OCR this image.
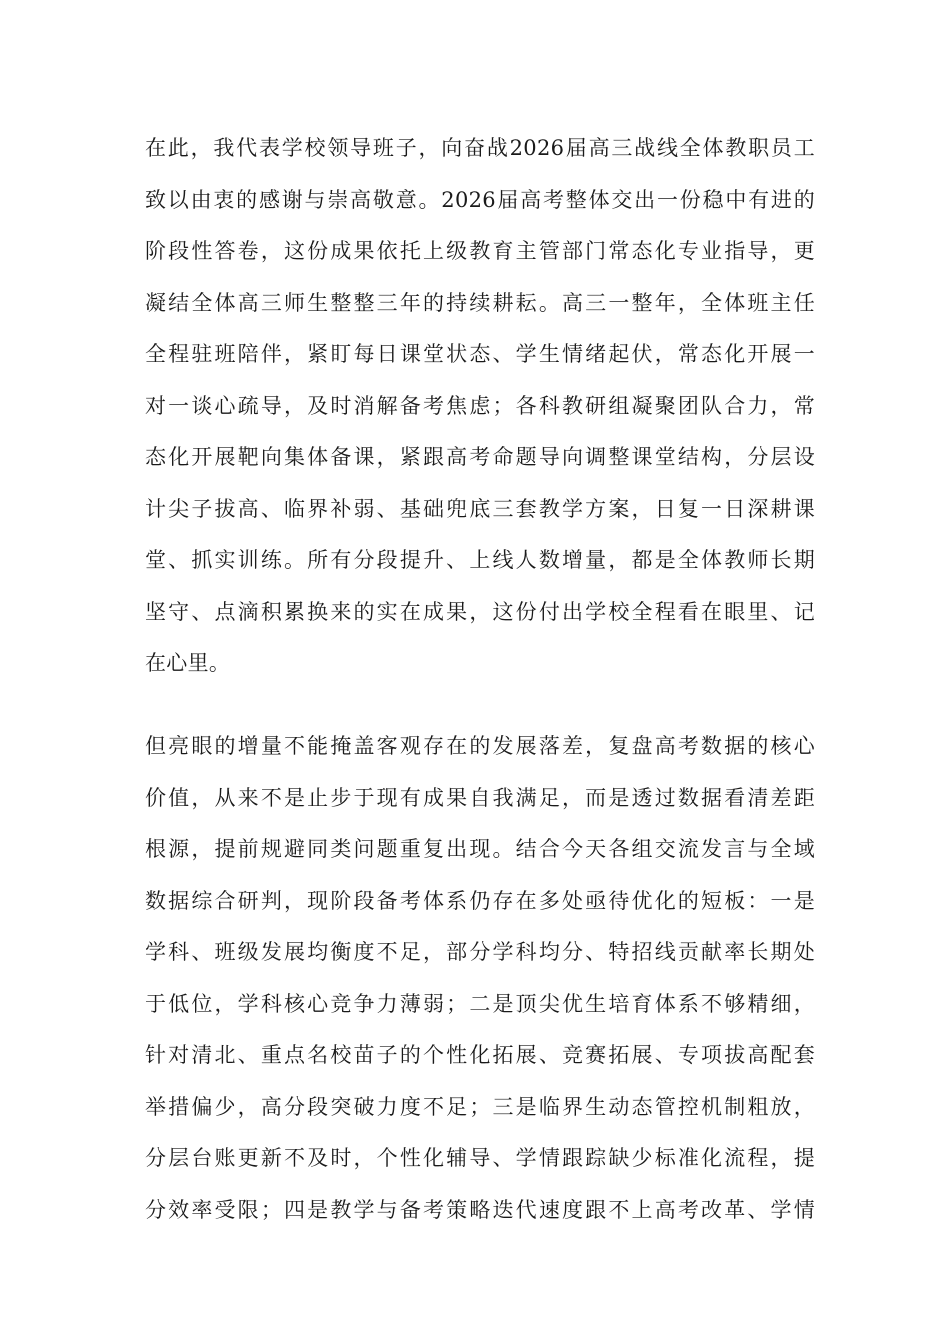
在此，我代表学校领导班子，向奋战2026届高三战线全体教职员工
致以由衷的感谢与崇高敬意。2026届高考整体交出一份稳中有进的
阶段性答卷，这份成果依托上级教育主管部门常态化专业指导，更
凝结全体高三师生整整三年的持续耕耘。高三一整年，全体班主任
全程驻班陪伴，紧盯每日课堂状态、学生情绪起伏，常态化开展一
对一谈心疏导，及时消解备考焦虑；各科教研组凝聚团队合力，常
态化开展靶向集体备课，紧跟高考命题导向调整课堂结构，分层设
计尖子拔高、临界补弱、基础兜底三套教学方案，日复一日深耕课
堂、抓实训练。所有分段提升、上线人数增量，都是全体教师长期
坚守、点滴积累换来的实在成果，这份付出学校全程看在眼里、记
在心里。
但亮眼的增量不能掩盖客观存在的发展落差，复盘高考数据的核心
价值，从来不是止步于现有成果自我满足，而是透过数据看清差距
根源，提前规避同类问题重复出现。结合今天各组交流发言与全域
数据综合研判，现阶段备考体系仍存在多处亟待优化的短板：一是
学科、班级发展均衡度不足，部分学科均分、特招线贡献率长期处
于低位，学科核心竞争力薄弱；二是顶尖优生培育体系不够精细，
针对清北、重点名校苗子的个性化拓展、竞赛拓展、专项拔高配套
举措偏少，高分段突破力度不足；三是临界生动态管控机制粗放，
分层台账更新不及时，个性化辅导、学情跟踪缺少标准化流程，提
分效率受限；四是教学与备考策略迭代速度跟不上高考改革、学情
